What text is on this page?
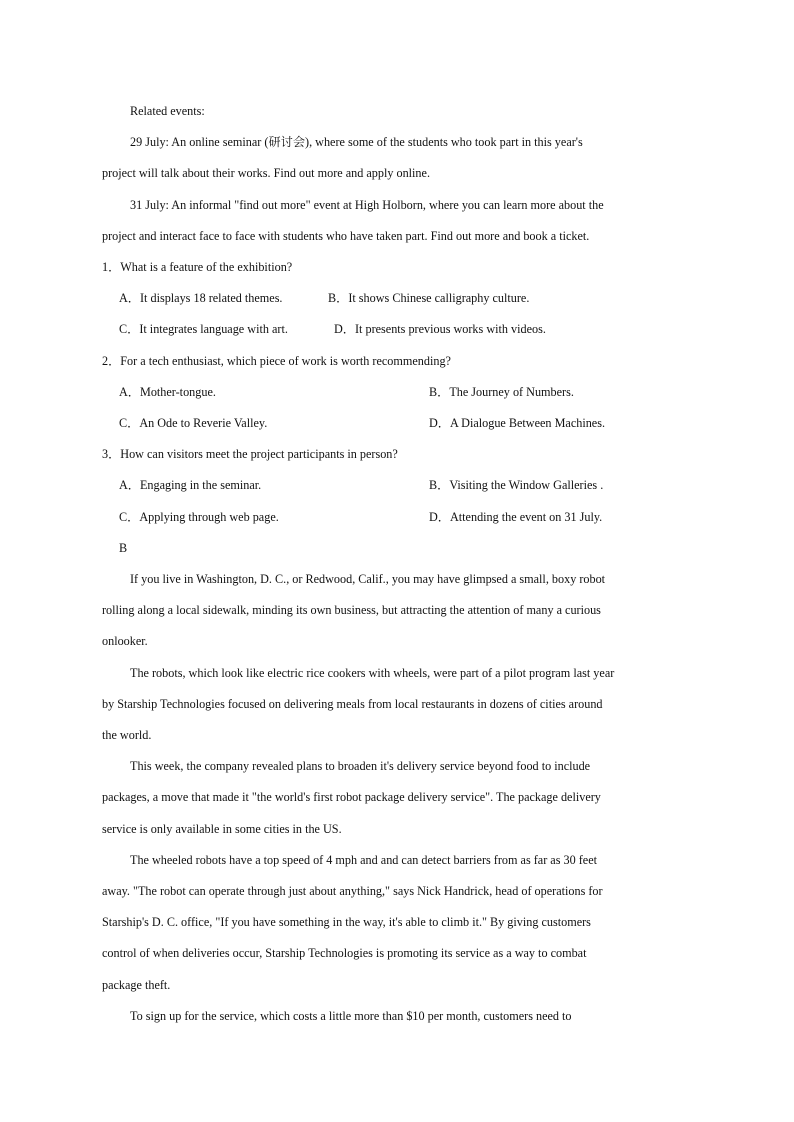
Related events:
29 July: An online seminar (研讨会), where some of the students who took part in this year's
project will talk about their works. Find out more and apply online.
31 July: An informal "find out more" event at High Holborn, where you can learn more about the
project and interact face to face with students who have taken part. Find out more and book a ticket.
1．What is a feature of the exhibition?
A．It displays 18 related themes.	B．It shows Chinese calligraphy culture.
C．It integrates language with art.	D．It presents previous works with videos.
2．For a tech enthusiast, which piece of work is worth recommending?
A．Mother-tongue.	B．The Journey of Numbers.
C．An Ode to Reverie Valley.	D．A Dialogue Between Machines.
3．How can visitors meet the project participants in person?
A．Engaging in the seminar.	B．Visiting the Window Galleries .
C．Applying through web page.	D．Attending the event on 31 July.
B
If you live in Washington, D. C., or Redwood, Calif., you may have glimpsed a small, boxy robot
rolling along a local sidewalk, minding its own business, but attracting the attention of many a curious
onlooker.
The robots, which look like electric rice cookers with wheels, were part of a pilot program last year
by Starship Technologies focused on delivering meals from local restaurants in dozens of cities around
the world.
This week, the company revealed plans to broaden it's delivery service beyond food to include
packages, a move that made it "the world's first robot package delivery service". The package delivery
service is only available in some cities in the US.
The wheeled robots have a top speed of 4 mph and and can detect barriers from as far as 30 feet
away. "The robot can operate through just about anything," says Nick Handrick, head of operations for
Starship's D. C. office, "If you have something in the way, it's able to climb it." By giving customers
control of when deliveries occur, Starship Technologies is promoting its service as a way to combat
package theft.
To sign up for the service, which costs a little more than $10 per month, customers need to
